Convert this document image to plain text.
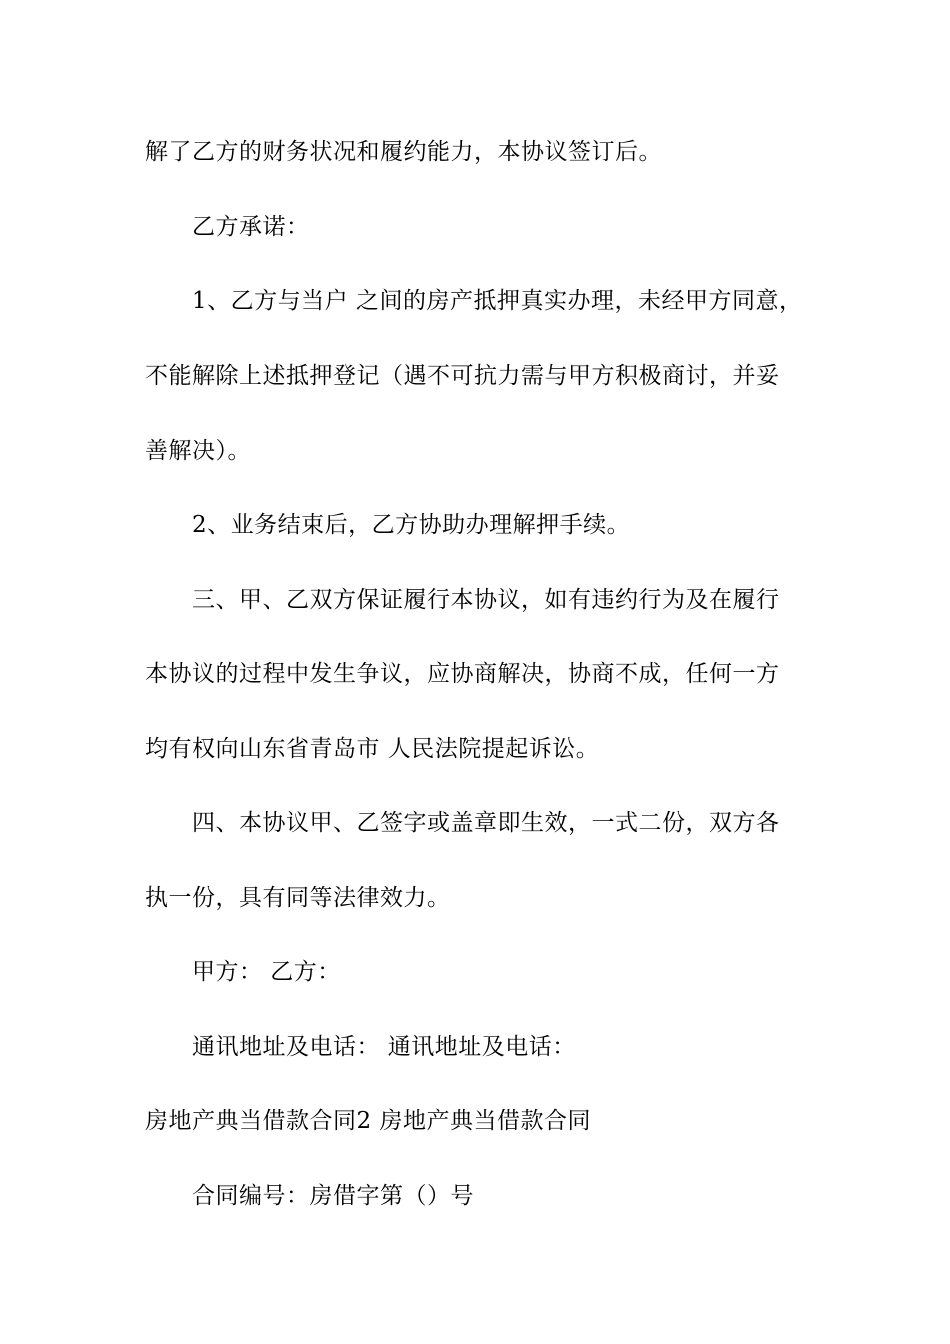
解了乙方的财务状况和履约能力，本协议签订后。
乙方承诺：
1、乙方与当户 之间的房产抵押真实办理，未经甲方同意，
不能解除上述抵押登记（遇不可抗力需与甲方积极商讨，并妥
善解决）。
2、业务结束后，乙方协助办理解押手续。
三、甲、乙双方保证履行本协议，如有违约行为及在履行
本协议的过程中发生争议，应协商解决，协商不成，任何一方
均有权向山东省青岛市 人民法院提起诉讼。
四、本协议甲、乙签字或盖章即生效，一式二份，双方各
执一份，具有同等法律效力。
甲方： 乙方：
通讯地址及电话： 通讯地址及电话：
房地产典当借款合同2 房地产典当借款合同
合同编号：房借字第（）号
